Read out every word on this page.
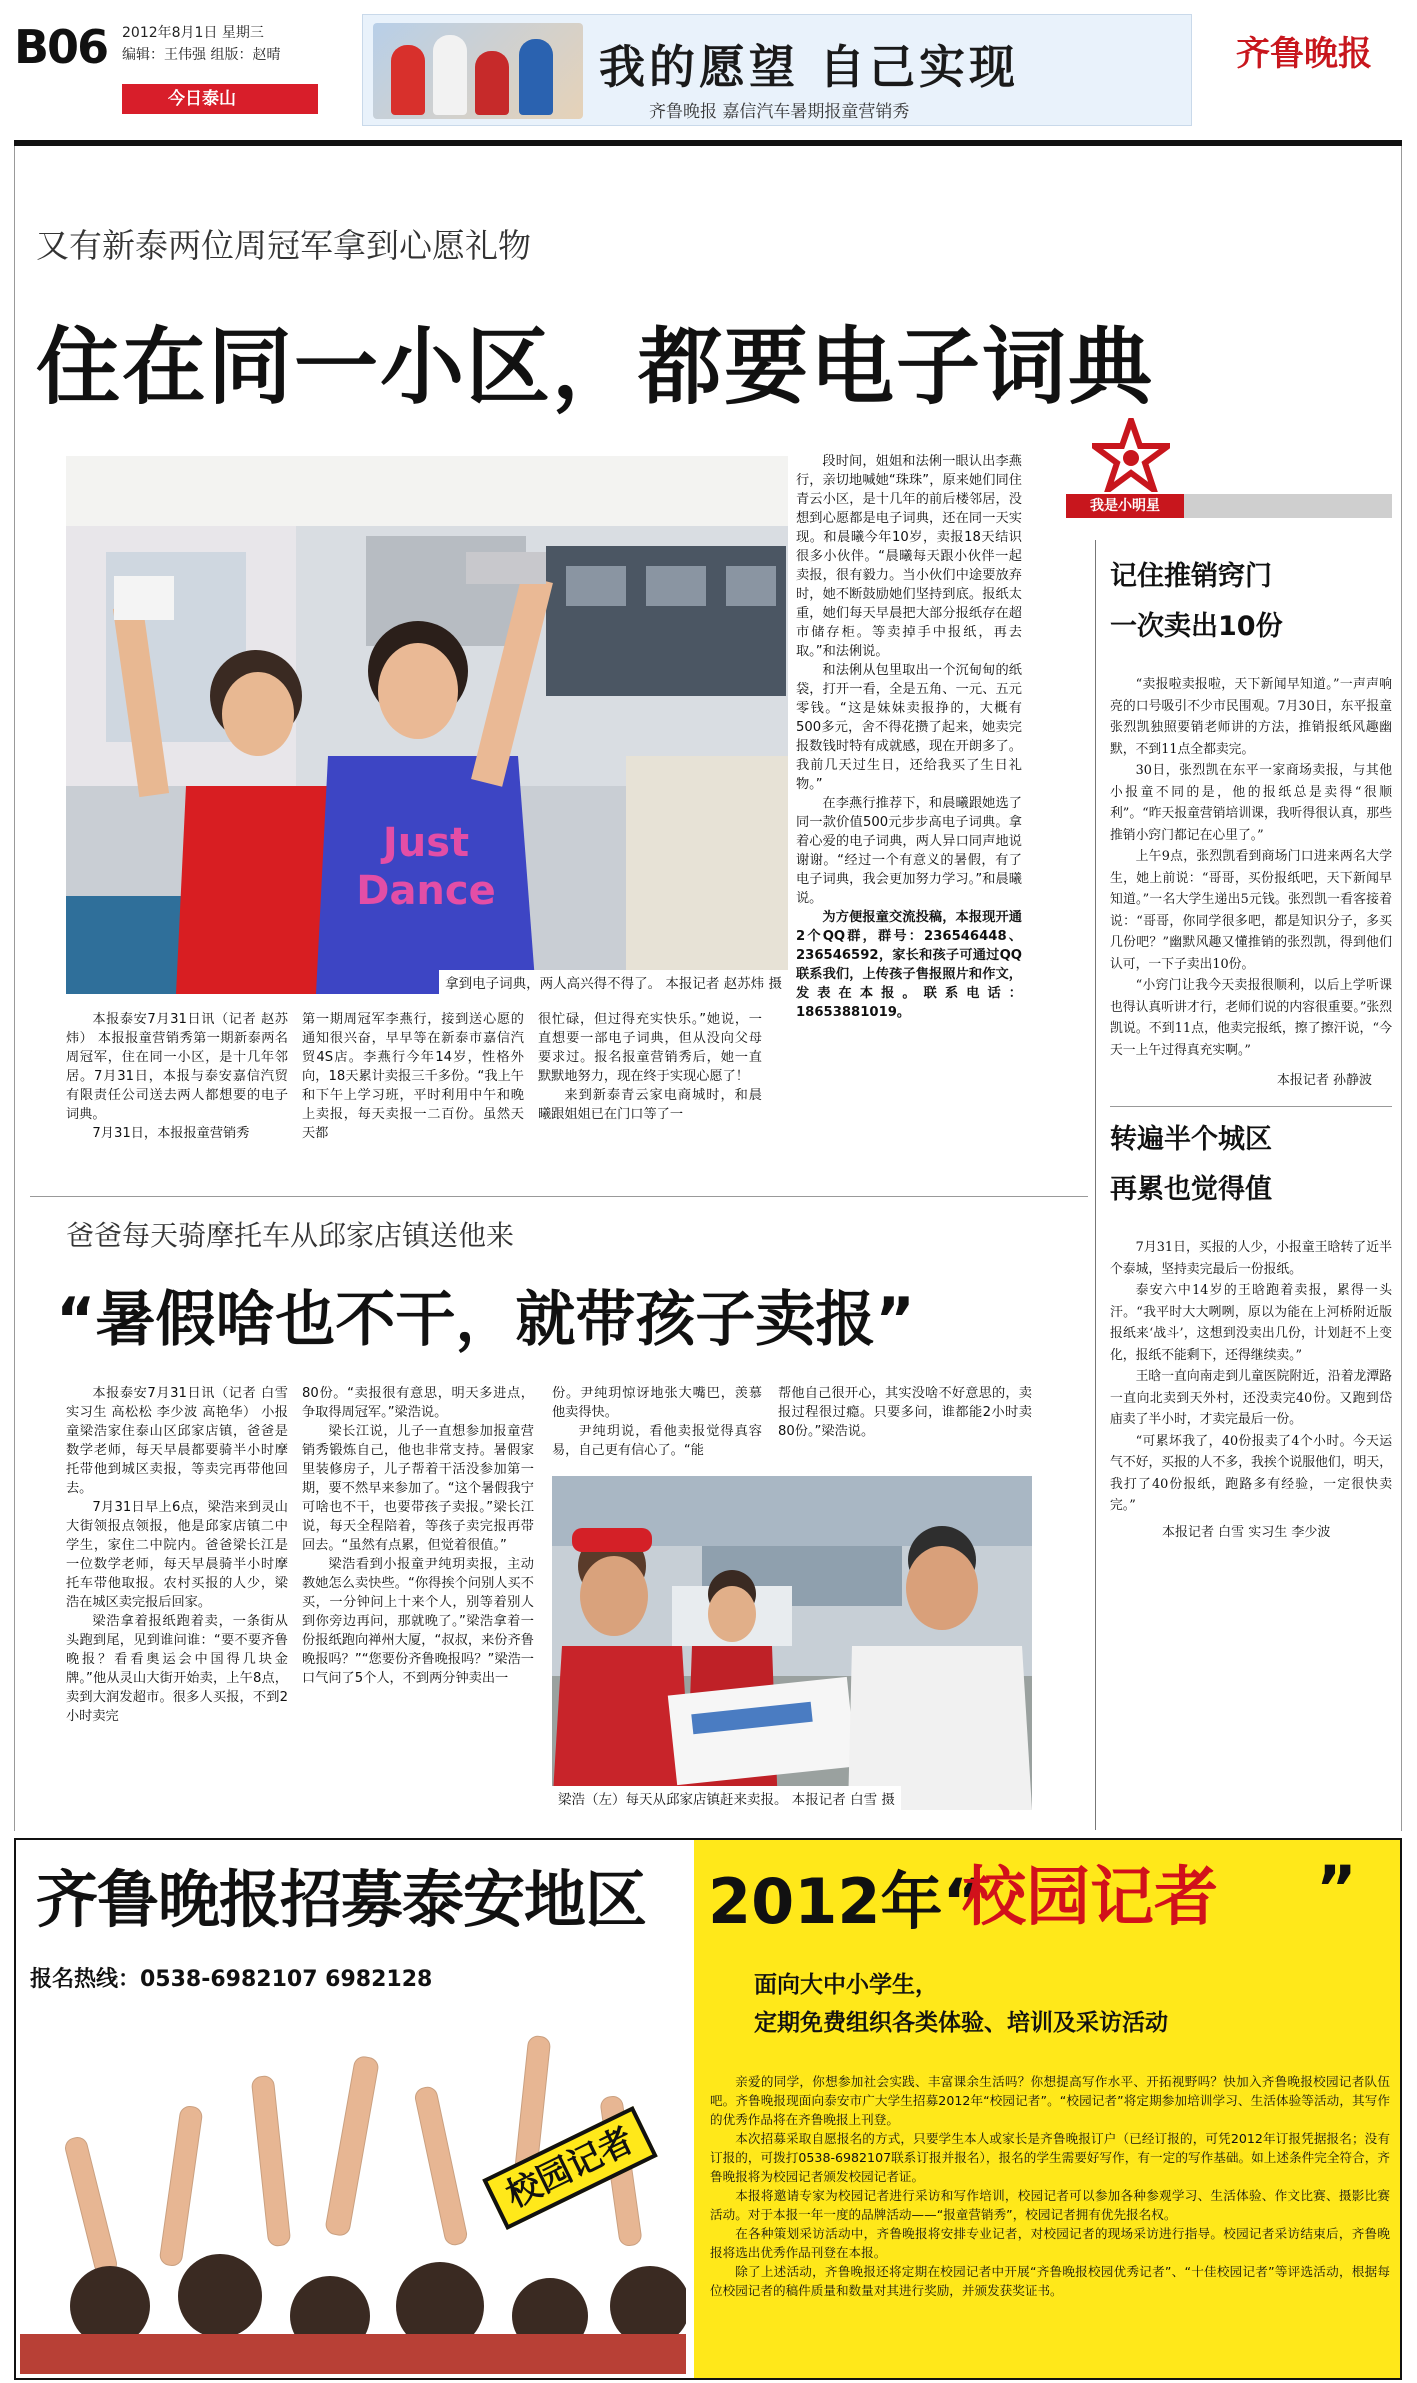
B06 2012年8月1日 星期三
编辑：王伟强 组版：赵晴
今日泰山
我的愿望 自己实现
齐鲁晚报 嘉信汽车暑期报童营销秀
齐鲁晚报
又有新泰两位周冠军拿到心愿礼物
住在同一小区，都要电子词典
Just
Dance
拿到电子词典，两人高兴得不得了。 本报记者 赵苏炜 摄

段时间，姐姐和法俐一眼认出李燕行，亲切地喊她“珠珠”，原来她们同住青云小区，是十几年的前后楼邻居，没想到心愿都是电子词典，还在同一天实现。和晨曦今年10岁，卖报18天结识很多小伙伴。“晨曦每天跟小伙伴一起卖报，很有毅力。当小伙们中途要放弃时，她不断鼓励她们坚持到底。报纸太重，她们每天早晨把大部分报纸存在超市储存柜。等卖掉手中报纸，再去取。”和法俐说。

和法俐从包里取出一个沉甸甸的纸袋，打开一看，全是五角、一元、五元零钱。“这是妹妹卖报挣的，大概有500多元，舍不得花攒了起来，她卖完报数钱时特有成就感，现在开朗多了。我前几天过生日，还给我买了生日礼物。”

在李燕行推荐下，和晨曦跟她选了同一款价值500元步步高电子词典。拿着心爱的电子词典，两人异口同声地说谢谢。“经过一个有意义的暑假，有了电子词典，我会更加努力学习。”和晨曦说。

为方便报童交流投稿，本报现开通2个QQ群，群号：236546448、236546592，家长和孩子可通过QQ联系我们，上传孩子售报照片和作文，发表在本报。联系电话：18653881019。

本报泰安7月31日讯（记者 赵苏炜） 本报报童营销秀第一期新泰两名周冠军，住在同一小区，是十几年邻居。7月31日，本报与泰安嘉信汽贸有限责任公司送去两人都想要的电子词典。

7月31日，本报报童营销秀

第一期周冠军李燕行，接到送心愿的通知很兴奋，早早等在新泰市嘉信汽贸4S店。李燕行今年14岁，性格外向，18天累计卖报三千多份。“我上午和下午上学习班，平时利用中午和晚上卖报，每天卖报一二百份。虽然天天都

很忙碌，但过得充实快乐。”她说，一直想要一部电子词典，但从没向父母要求过。报名报童营销秀后，她一直默默地努力，现在终于实现心愿了！

来到新泰青云家电商城时，和晨曦跟姐姐已在门口等了一

爸爸每天骑摩托车从邱家店镇送他来
“暑假啥也不干，就带孩子卖报”

本报泰安7月31日讯（记者 白雪 实习生 高松松 李少波 高艳华） 小报童梁浩家住泰山区邱家店镇，爸爸是数学老师，每天早晨都要骑半小时摩托带他到城区卖报，等卖完再带他回去。

7月31日早上6点，梁浩来到灵山大街领报点领报，他是邱家店镇二中学生，家住二中院内。爸爸梁长江是一位数学老师，每天早晨骑半小时摩托车带他取报。农村买报的人少，梁浩在城区卖完报后回家。

梁浩拿着报纸跑着卖，一条街从头跑到尾，见到谁问谁：“要不要齐鲁晚报？看看奥运会中国得几块金牌。”他从灵山大街开始卖，上午8点，卖到大润发超市。很多人买报，不到2小时卖完

80份。“卖报很有意思，明天多进点，争取得周冠军。”梁浩说。

梁长江说，儿子一直想参加报童营销秀锻炼自己，他也非常支持。暑假家里装修房子，儿子帮着干活没参加第一期，要不然早来参加了。“这个暑假我宁可啥也不干，也要带孩子卖报。”梁长江说，每天全程陪着，等孩子卖完报再带回去。“虽然有点累，但觉着很值。”

梁浩看到小报童尹纯玥卖报，主动教她怎么卖快些。“你得挨个问别人买不买，一分钟问上十来个人，别等着别人到你旁边再问，那就晚了。”梁浩拿着一份报纸跑向禅州大厦，“叔叔，来份齐鲁晚报吗？”“您要份齐鲁晚报吗？”梁浩一口气问了5个人，不到两分钟卖出一

份。尹纯玥惊讶地张大嘴巴，羡慕他卖得快。

尹纯玥说，看他卖报觉得真容易，自己更有信心了。“能

帮他自己很开心，其实没啥不好意思的，卖报过程很过瘾。只要多问，谁都能2小时卖80份。”梁浩说。

梁浩（左）每天从邱家店镇赶来卖报。 本报记者 白雪 摄
我是小明星
记住推销窍门
一次卖出10份

“卖报啦卖报啦，天下新闻早知道。”一声声响亮的口号吸引不少市民围观。7月30日，东平报童张烈凯独照要销老师讲的方法，推销报纸风趣幽默，不到11点全都卖完。

30日，张烈凯在东平一家商场卖报，与其他小报童不同的是，他的报纸总是卖得“很顺利”。“昨天报童营销培训课，我听得很认真，那些推销小窍门都记在心里了。”

上午9点，张烈凯看到商场门口进来两名大学生，她上前说：“哥哥，买份报纸吧，天下新闻早知道。”一名大学生递出5元钱。张烈凯一看客接着说：“哥哥，你同学很多吧，都是知识分子，多买几份吧？”幽默风趣又懂推销的张烈凯，得到他们认可，一下子卖出10份。

“小窍门让我今天卖报很顺利，以后上学听课也得认真听讲才行，老师们说的内容很重要。”张烈凯说。不到11点，他卖完报纸，擦了擦汗说，“今天一上午过得真充实啊。”

本报记者 孙静波
转遍半个城区
再累也觉得值

7月31日，买报的人少，小报童王晗转了近半个泰城，坚持卖完最后一份报纸。

泰安六中14岁的王晗跑着卖报，累得一头汗。“我平时大大咧咧，原以为能在上河桥附近版报纸来‘战斗’，这想到没卖出几份，计划赶不上变化，报纸不能剩下，还得继续卖。”

王晗一直向南走到儿童医院附近，沿着龙潭路一直向北卖到天外村，还没卖完40份。又跑到岱庙卖了半小时，才卖完最后一份。

“可累坏我了，40份报卖了4个小时。今天运气不好，买报的人不多，我挨个说服他们，明天，我打了40份报纸，跑路多有经验，一定很快卖完。”

本报记者 白雪 实习生 李少波
2012年“
校园记者 ”
面向大中小学生，
定期免费组织各类体验、培训及采访活动
齐鲁晚报招募泰安地区
报名热线：0538-6982107 6982128
校园记者

亲爱的同学，你想参加社会实践、丰富课余生活吗？你想提高写作水平、开拓视野吗？快加入齐鲁晚报校园记者队伍吧。齐鲁晚报现面向泰安市广大学生招募2012年“校园记者”。“校园记者”将定期参加培训学习、生活体验等活动，其写作的优秀作品将在齐鲁晚报上刊登。

本次招募采取自愿报名的方式，只要学生本人或家长是齐鲁晚报订户（已经订报的，可凭2012年订报凭据报名；没有订报的，可拨打0538-6982107联系订报并报名），报名的学生需要好写作，有一定的写作基础。如上述条件完全符合，齐鲁晚报将为校园记者颁发校园记者证。

本报将邀请专家为校园记者进行采访和写作培训，校园记者可以参加各种参观学习、生活体验、作文比赛、摄影比赛活动。对于本报一年一度的品牌活动——“报童营销秀”，校园记者拥有优先报名权。

在各种策划采访活动中，齐鲁晚报将安排专业记者，对校园记者的现场采访进行指导。校园记者采访结束后，齐鲁晚报将选出优秀作品刊登在本报。

除了上述活动，齐鲁晚报还将定期在校园记者中开展“齐鲁晚报校园优秀记者”、“十佳校园记者”等评选活动，根据每位校园记者的稿件质量和数量对其进行奖励，并颁发获奖证书。
